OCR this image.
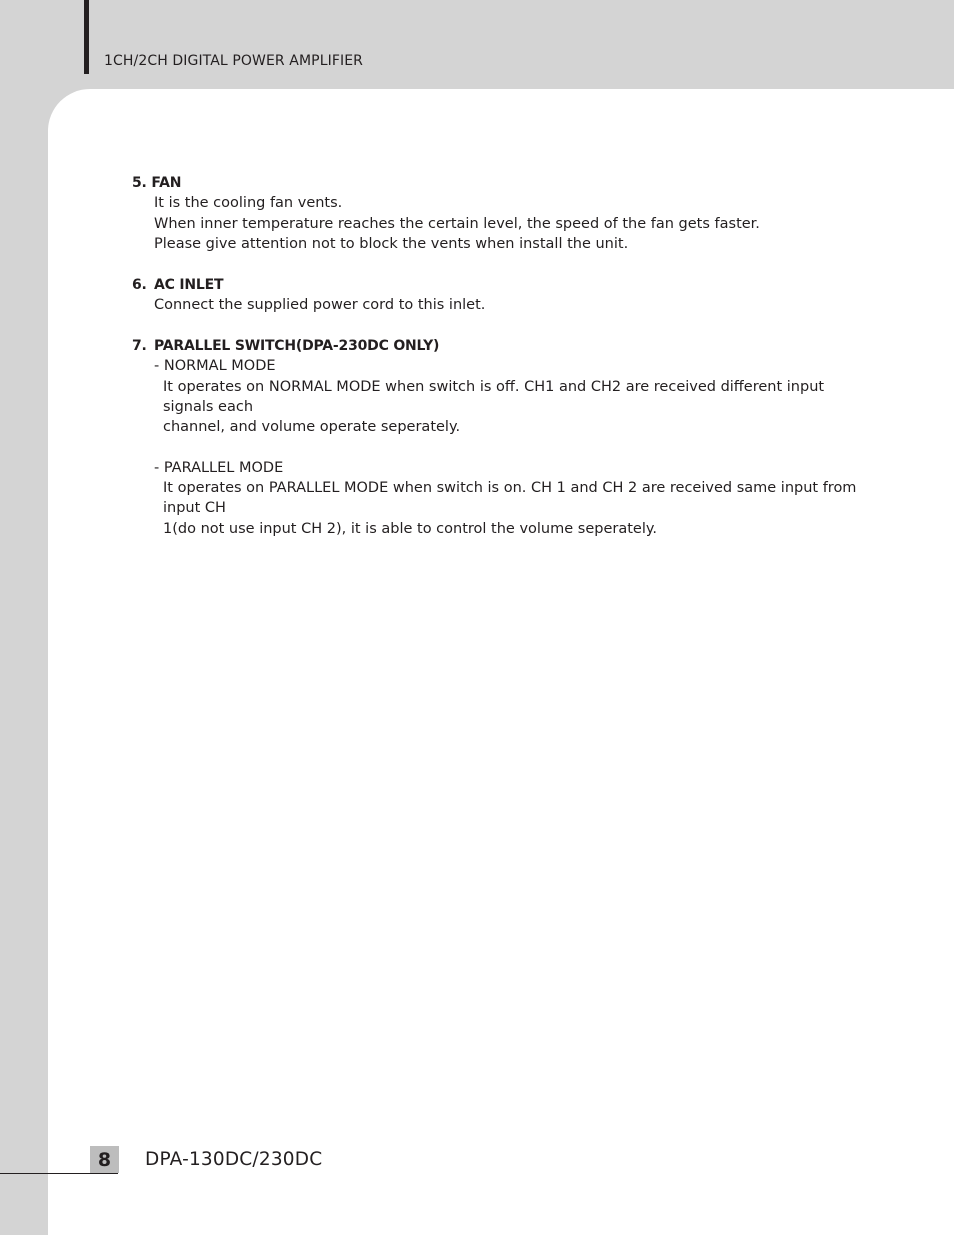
1CH/2CH DIGITAL POWER AMPLIFIER
5. FAN
It is the cooling fan vents.
When inner temperature reaches the certain level, the speed of the fan gets faster.
Please give attention not to block the vents when install the unit.
6. AC INLET
Connect the supplied power cord to this inlet.
7. PARALLEL SWITCH(DPA-230DC ONLY)
- NORMAL MODE
It operates on NORMAL MODE when switch is off. CH1 and CH2 are received different input signals each
channel, and volume operate seperately.
- PARALLEL MODE
It operates on PARALLEL MODE when switch is on. CH 1 and CH 2 are received same input from input CH
1(do not use input CH 2), it is able to control the volume seperately.
8	DPA-130DC/230DC
